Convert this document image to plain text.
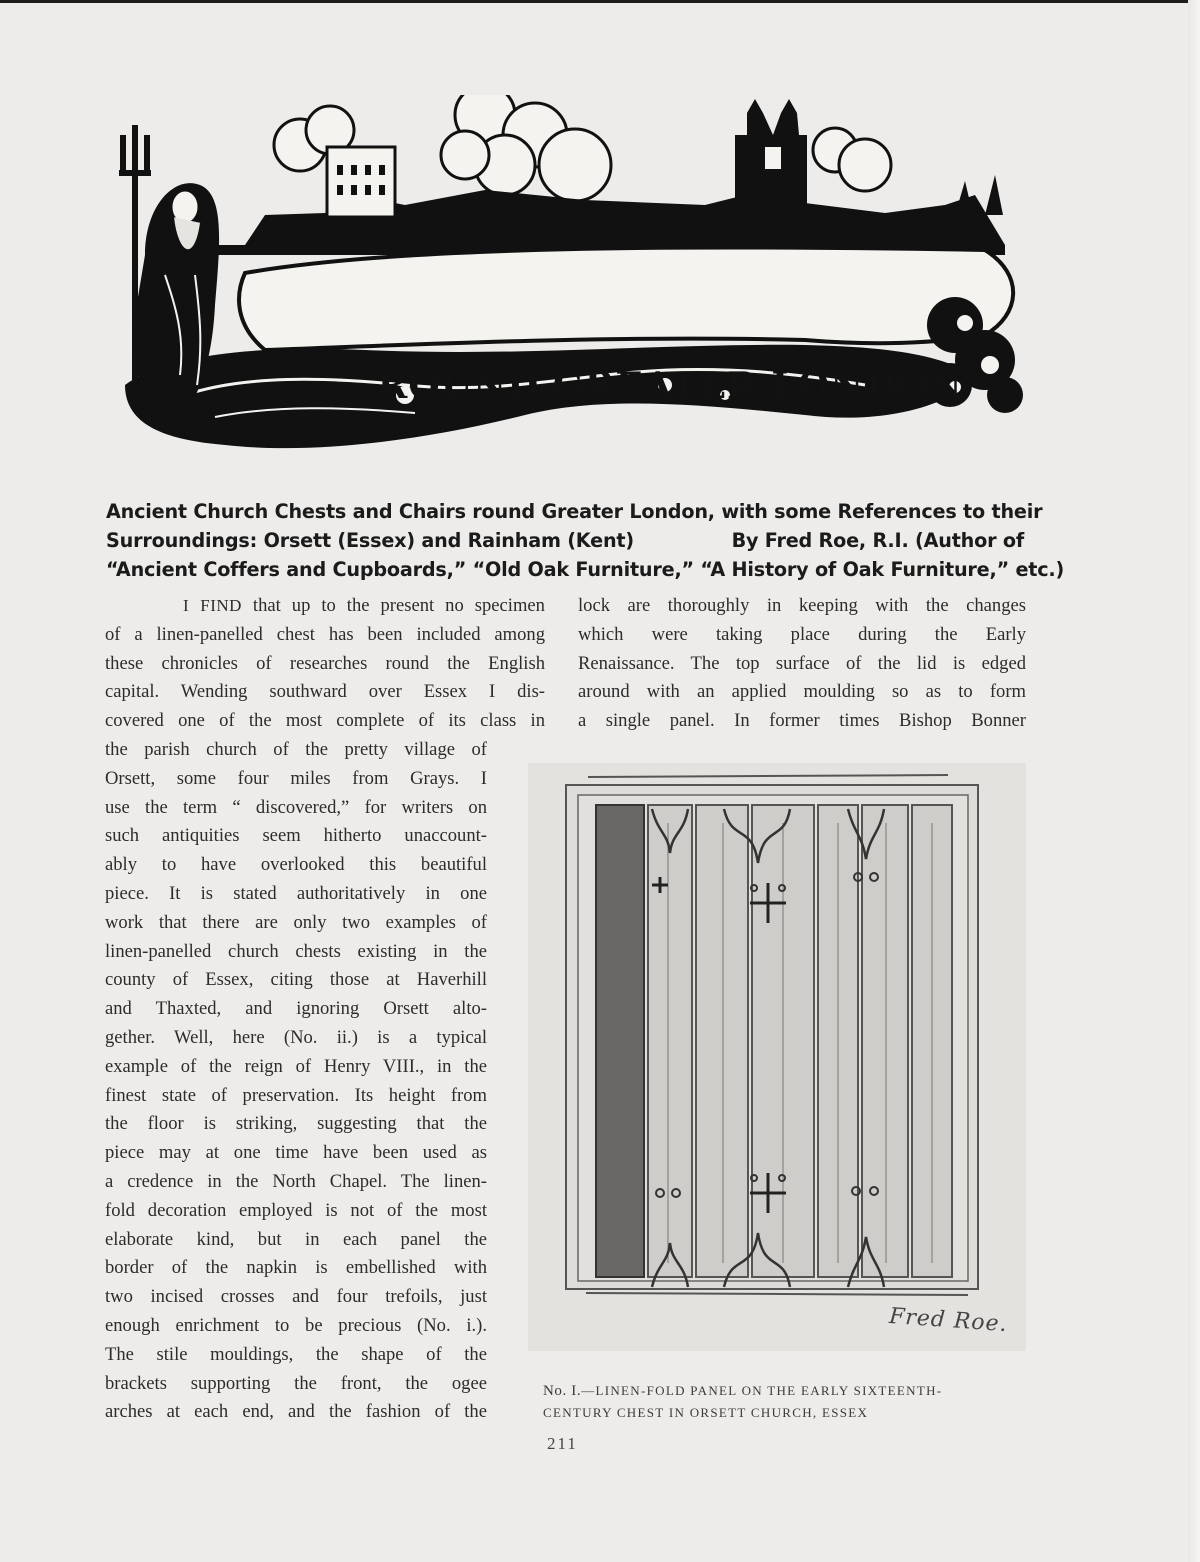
ROUND GREATER LONDON
Ancient Church Chests and Chairs round Greater London, with some References to their
Surroundings: Orsett (Essex) and Rainham (Kent)	By Fred Roe, R.I. (Author of
“Ancient Coffers and Cupboards,” “Old Oak Furniture,” “A History of Oak Furniture,” etc.)
I FIND that up to the present no specimen
of a linen-panelled chest has been included among
these chronicles of researches round the English
capital. Wending southward over Essex I dis-
covered one of the most complete of its class in
lock are thoroughly in keeping with the changes
which were taking place during the Early
Renaissance. The top surface of the lid is edged
around with an applied moulding so as to form
a single panel. In former times Bishop Bonner
the parish church of the pretty village of
Orsett, some four miles from Grays. I
use the term “ discovered,” for writers on
such antiquities seem hitherto unaccount-
ably to have overlooked this beautiful
piece. It is stated authoritatively in one
work that there are only two examples of
linen-panelled church chests existing in the
county of Essex, citing those at Haverhill
and Thaxted, and ignoring Orsett alto-
gether. Well, here (No. ii.) is a typical
example of the reign of Henry VIII., in the
finest state of preservation. Its height from
the floor is striking, suggesting that the
piece may at one time have been used as
a credence in the North Chapel. The linen-
fold decoration employed is not of the most
elaborate kind, but in each panel the
border of the napkin is embellished with
two incised crosses and four trefoils, just
enough enrichment to be precious (No. i.).
The stile mouldings, the shape of the
brackets supporting the front, the ogee
arches at each end, and the fashion of the
Fred Roe.
No. I.—LINEN-FOLD PANEL ON THE EARLY SIXTEENTH-
CENTURY CHEST IN ORSETT CHURCH, ESSEX
211
